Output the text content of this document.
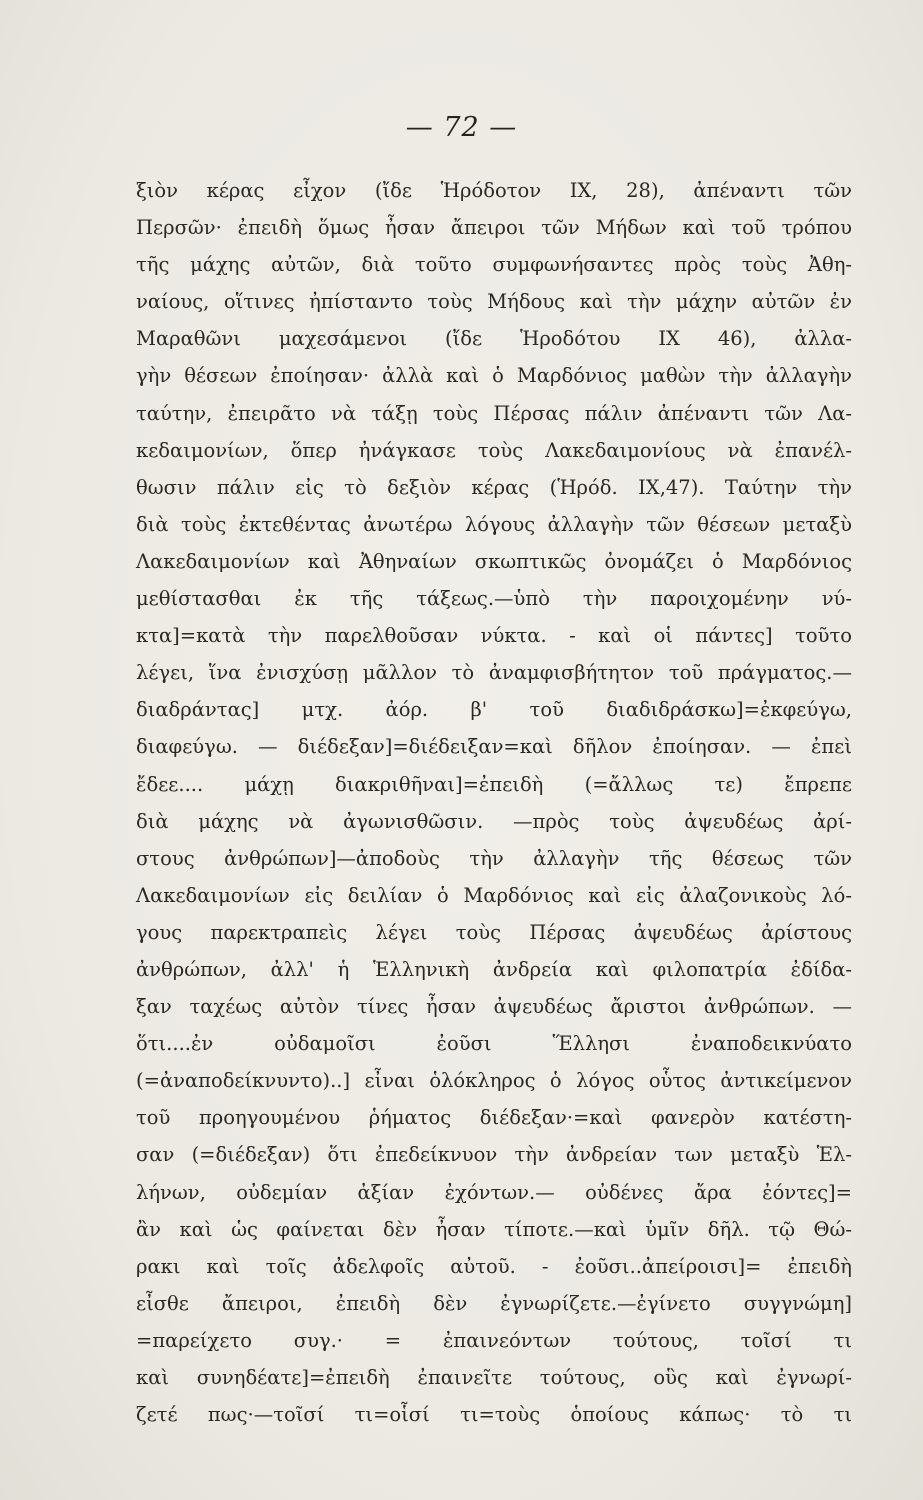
— 72 —
ξιὸν κέρας εἶχον (ἴδε Ἡρόδοτον IX, 28), ἀπέναντι τῶν
Περσῶν· ἐπειδὴ ὅμως ἦσαν ἄπειροι τῶν Μήδων καὶ τοῦ τρόπου
τῆς μάχης αὐτῶν, διὰ τοῦτο συμφωνήσαντες πρὸς τοὺς Ἀθη-
ναίους, οἵτινες ἠπίσταντο τοὺς Μήδους καὶ τὴν μάχην αὐτῶν ἐν
Μαραθῶνι μαχεσάμενοι (ἴδε Ἡροδότου IX 46), ἀλλα-
γὴν θέσεων ἐποίησαν· ἀλλὰ καὶ ὁ Μαρδόνιος μαθὼν τὴν ἀλλαγὴν
ταύτην, ἐπειρᾶτο νὰ τάξῃ τοὺς Πέρσας πάλιν ἀπέναντι τῶν Λα-
κεδαιμονίων, ὅπερ ἠνάγκασε τοὺς Λακεδαιμονίους νὰ ἐπανέλ-
θωσιν πάλιν εἰς τὸ δεξιὸν κέρας (Ἡρόδ. IX,47). Ταύτην τὴν
διὰ τοὺς ἐκτεθέντας ἀνωτέρω λόγους ἀλλαγὴν τῶν θέσεων μεταξὺ
Λακεδαιμονίων καὶ Ἀθηναίων σκωπτικῶς ὀνομάζει ὁ Μαρδόνιος
μεθίστασθαι ἐκ τῆς τάξεως.—ὑπὸ τὴν παροιχομένην νύ-
κτα]=κατὰ τὴν παρελθοῦσαν νύκτα. - καὶ οἱ πάντες] τοῦτο
λέγει, ἵνα ἐνισχύσῃ μᾶλλον τὸ ἀναμφισβήτητον τοῦ πράγματος.—
διαδράντας] μτχ. ἀόρ. β' τοῦ διαδιδράσκω]=ἐκφεύγω,
διαφεύγω. — διέδεξαν]=διέδειξαν=καὶ δῆλον ἐποίησαν. — ἐπεὶ
ἔδεε.... μάχῃ διακριθῆναι]=ἐπειδὴ (=ἄλλως τε) ἔπρεπε
διὰ μάχης νὰ ἀγωνισθῶσιν. —πρὸς τοὺς ἀψευδέως ἀρί-
στους ἀνθρώπων]—ἀποδοὺς τὴν ἀλλαγὴν τῆς θέσεως τῶν
Λακεδαιμονίων εἰς δειλίαν ὁ Μαρδόνιος καὶ εἰς ἀλαζονικοὺς λό-
γους παρεκτραπεὶς λέγει τοὺς Πέρσας ἀψευδέως ἀρίστους
ἀνθρώπων, ἀλλ' ἡ Ἑλληνικὴ ἀνδρεία καὶ φιλοπατρία ἐδίδα-
ξαν ταχέως αὐτὸν τίνες ἦσαν ἀψευδέως ἄριστοι ἀνθρώπων. —
ὅτι....ἐν οὐδαμοῖσι ἐοῦσι Ἕλλησι ἐναποδεικνύατο
(=ἀναποδείκνυντο)..] εἶναι ὁλόκληρος ὁ λόγος οὗτος ἀντικείμενον
τοῦ προηγουμένου ῥήματος διέδεξαν·=καὶ φανερὸν κατέστη-
σαν (=διέδεξαν) ὅτι ἐπεδείκνυον τὴν ἀνδρείαν των μεταξὺ Ἑλ-
λήνων, οὐδεμίαν ἀξίαν ἐχόντων.— οὐδένες ἄρα ἐόντες]=
ἂν καὶ ὡς φαίνεται δὲν ἦσαν τίποτε.—καὶ ὑμῖν δῆλ. τῷ Θώ-
ρακι καὶ τοῖς ἀδελφοῖς αὐτοῦ. - ἐοῦσι..ἀπείροισι]= ἐπειδὴ
εἶσθε ἄπειροι, ἐπειδὴ δὲν ἐγνωρίζετε.—ἐγίνετο συγγνώμη]
=παρείχετο συγ.· = ἐπαινεόντων τούτους, τοῖσί τι
καὶ συνηδέατε]=ἐπειδὴ ἐπαινεῖτε τούτους, οὓς καὶ ἐγνωρί-
ζετέ πως·—τοῖσί τι=οἷσί τι=τοὺς ὁποίους κάπως· τὸ τι
